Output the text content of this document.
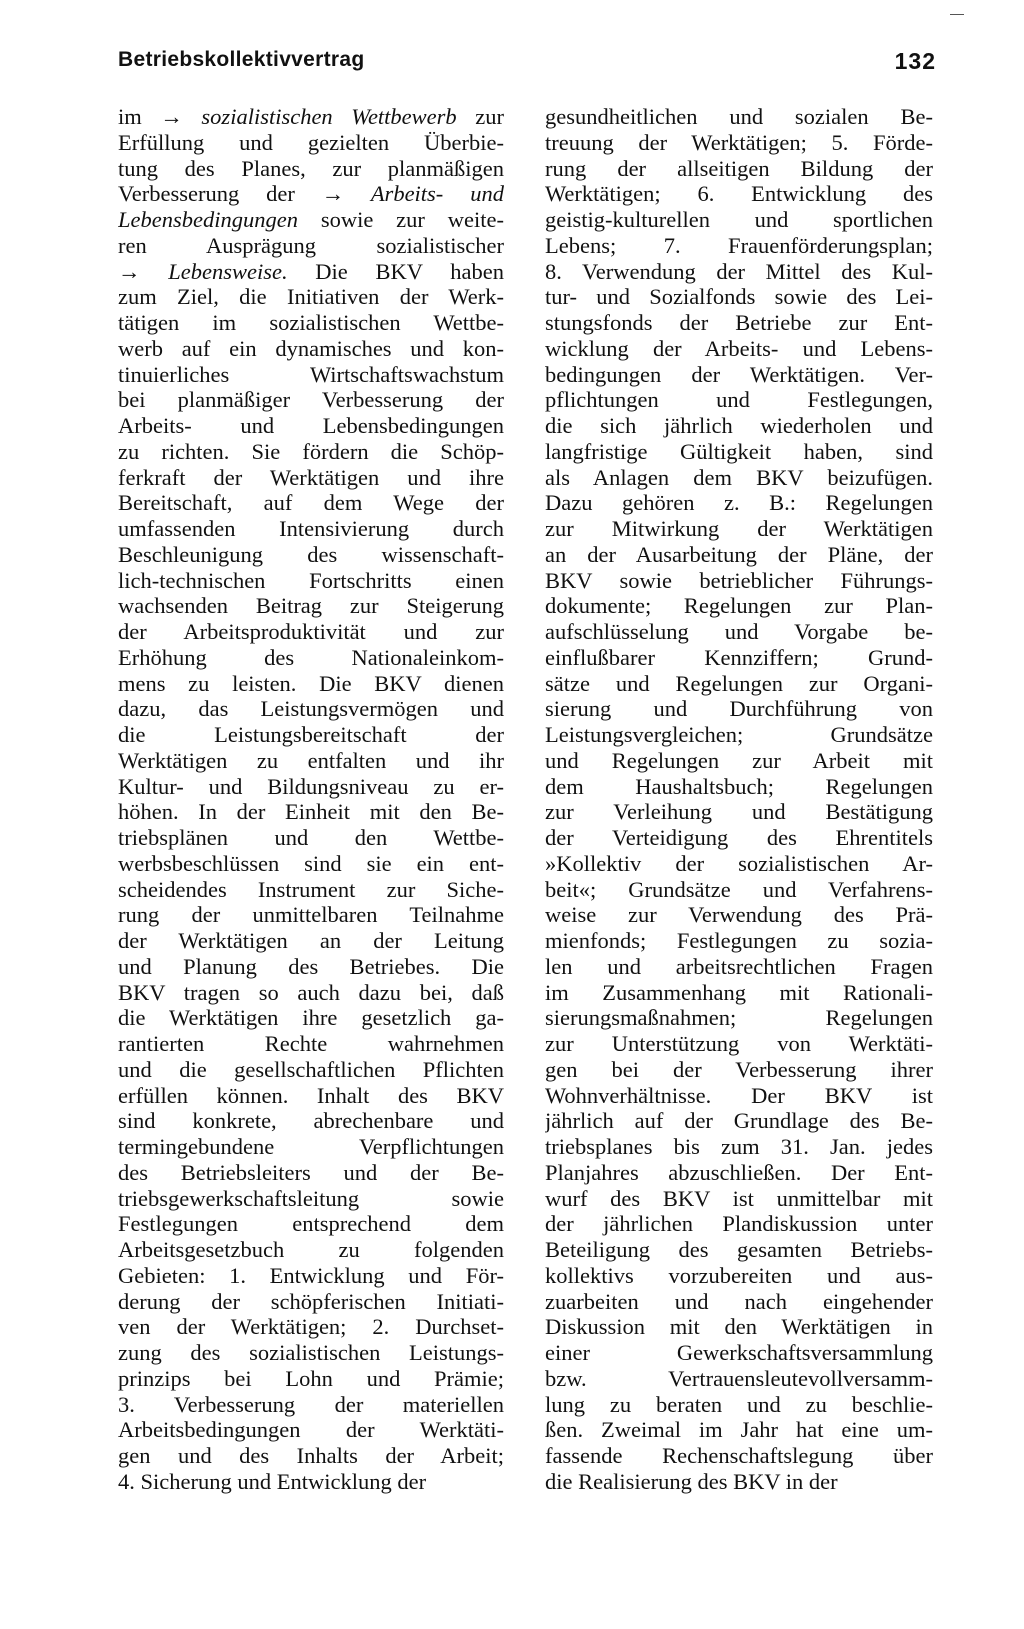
Betriebskollektivvertrag	132
im → sozialistischen Wettbewerb zur
Erfüllung und gezielten Überbie-
tung des Planes, zur planmäßigen
Verbesserung der → Arbeits- und
Lebensbedingungen sowie zur weite-
ren Ausprägung sozialistischer
→ Lebensweise. Die BKV haben
zum Ziel, die Initiativen der Werk-
tätigen im sozialistischen Wettbe-
werb auf ein dynamisches und kon-
tinuierliches Wirtschaftswachstum
bei planmäßiger Verbesserung der
Arbeits- und Lebensbedingungen
zu richten. Sie fördern die Schöp-
ferkraft der Werktätigen und ihre
Bereitschaft, auf dem Wege der
umfassenden Intensivierung durch
Beschleunigung des wissenschaft-
lich-technischen Fortschritts einen
wachsenden Beitrag zur Steigerung
der Arbeitsproduktivität und zur
Erhöhung des Nationaleinkom-
mens zu leisten. Die BKV dienen
dazu, das Leistungsvermögen und
die Leistungsbereitschaft der
Werktätigen zu entfalten und ihr
Kultur- und Bildungsniveau zu er-
höhen. In der Einheit mit den Be-
triebsplänen und den Wettbe-
werbsbeschlüssen sind sie ein ent-
scheidendes Instrument zur Siche-
rung der unmittelbaren Teilnahme
der Werktätigen an der Leitung
und Planung des Betriebes. Die
BKV tragen so auch dazu bei, daß
die Werktätigen ihre gesetzlich ga-
rantierten Rechte wahrnehmen
und die gesellschaftlichen Pflichten
erfüllen können. Inhalt des BKV
sind konkrete, abrechenbare und
termingebundene Verpflichtungen
des Betriebsleiters und der Be-
triebsgewerkschaftsleitung sowie
Festlegungen entsprechend dem
Arbeitsgesetzbuch zu folgenden
Gebieten: 1. Entwicklung und För-
derung der schöpferischen Initiati-
ven der Werktätigen; 2. Durchset-
zung des sozialistischen Leistungs-
prinzips bei Lohn und Prämie;
3. Verbesserung der materiellen
Arbeitsbedingungen der Werktäti-
gen und des Inhalts der Arbeit;
4. Sicherung und Entwicklung der
gesundheitlichen und sozialen Be-
treuung der Werktätigen; 5. Förde-
rung der allseitigen Bildung der
Werktätigen; 6. Entwicklung des
geistig-kulturellen und sportlichen
Lebens; 7. Frauenförderungsplan;
8. Verwendung der Mittel des Kul-
tur- und Sozialfonds sowie des Lei-
stungsfonds der Betriebe zur Ent-
wicklung der Arbeits- und Lebens-
bedingungen der Werktätigen. Ver-
pflichtungen und Festlegungen,
die sich jährlich wiederholen und
langfristige Gültigkeit haben, sind
als Anlagen dem BKV beizufügen.
Dazu gehören z. B.: Regelungen
zur Mitwirkung der Werktätigen
an der Ausarbeitung der Pläne, der
BKV sowie betrieblicher Führungs-
dokumente; Regelungen zur Plan-
aufschlüsselung und Vorgabe be-
einflußbarer Kennziffern; Grund-
sätze und Regelungen zur Organi-
sierung und Durchführung von
Leistungsvergleichen; Grundsätze
und Regelungen zur Arbeit mit
dem Haushaltsbuch; Regelungen
zur Verleihung und Bestätigung
der Verteidigung des Ehrentitels
»Kollektiv der sozialistischen Ar-
beit«; Grundsätze und Verfahrens-
weise zur Verwendung des Prä-
mienfonds; Festlegungen zu sozia-
len und arbeitsrechtlichen Fragen
im Zusammenhang mit Rationali-
sierungsmaßnahmen; Regelungen
zur Unterstützung von Werktäti-
gen bei der Verbesserung ihrer
Wohnverhältnisse. Der BKV ist
jährlich auf der Grundlage des Be-
triebsplanes bis zum 31. Jan. jedes
Planjahres abzuschließen. Der Ent-
wurf des BKV ist unmittelbar mit
der jährlichen Plandiskussion unter
Beteiligung des gesamten Betriebs-
kollektivs vorzubereiten und aus-
zuarbeiten und nach eingehender
Diskussion mit den Werktätigen in
einer Gewerkschaftsversammlung
bzw. Vertrauensleutevollversamm-
lung zu beraten und zu beschlie-
ßen. Zweimal im Jahr hat eine um-
fassende Rechenschaftslegung über
die Realisierung des BKV in der
